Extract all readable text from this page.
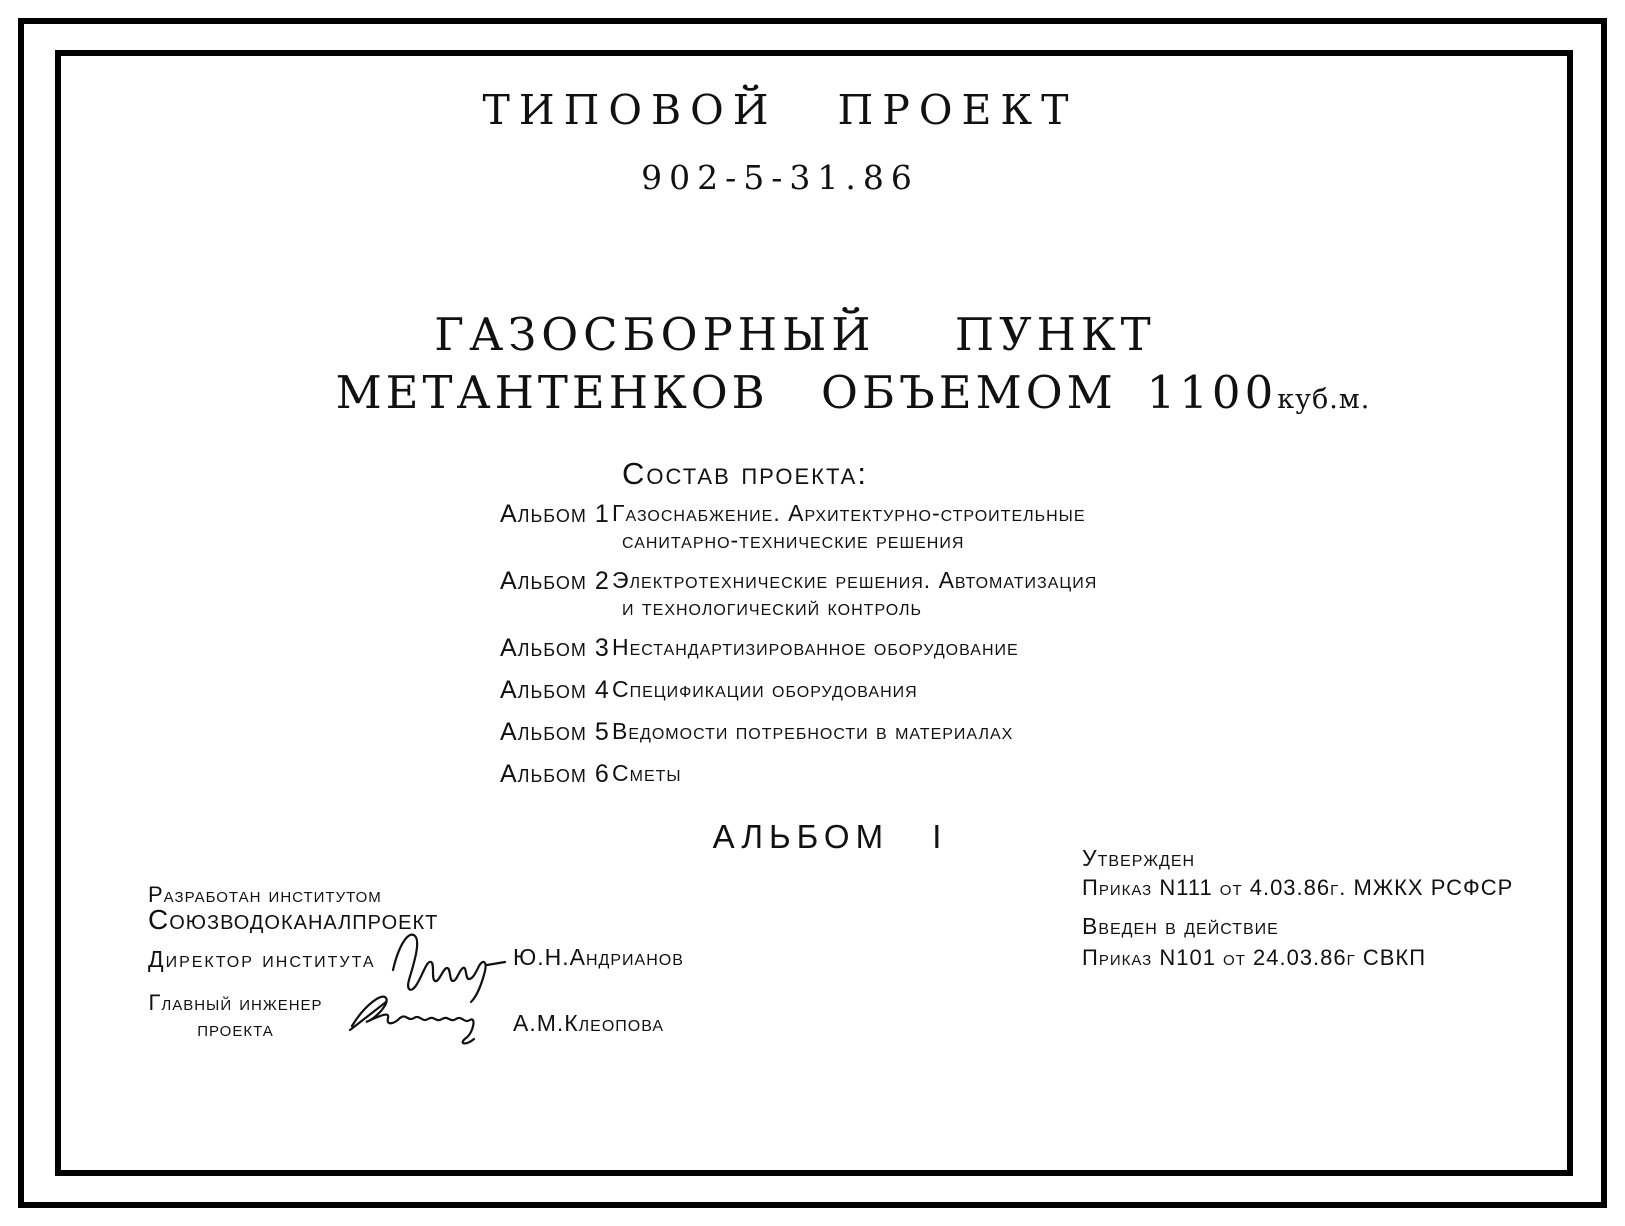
ТИПОВОЙ ПРОЕКТ
902-5-31.86
ГАЗОСБОРНЫЙ ПУНКТ
МЕТАНТЕНКОВ ОБЪЕМОМ 1100куб.м.
Состав проекта:
Альбом 1 Газоснабжение. Архитектурно-строительные
санитарно-технические решения
Альбом 2 Электротехнические решения. Автоматизация
и технологический контроль
Альбом 3 Нестандартизированное оборудование
Альбом 4 Спецификации оборудования
Альбом 5 Ведомости потребности в материалах
Альбом 6 Сметы
АЛЬБОМ I
Утвержден
Приказ N111 от 4.03.86г. МЖКХ РСФСР
Введен в действие
Приказ N101 от 24.03.86г СВКП
Разработан институтом
Союзводоканалпроект
Директор института	Ю.Н.Андрианов
Главный инженер
проекта	А.М.Клеопова
